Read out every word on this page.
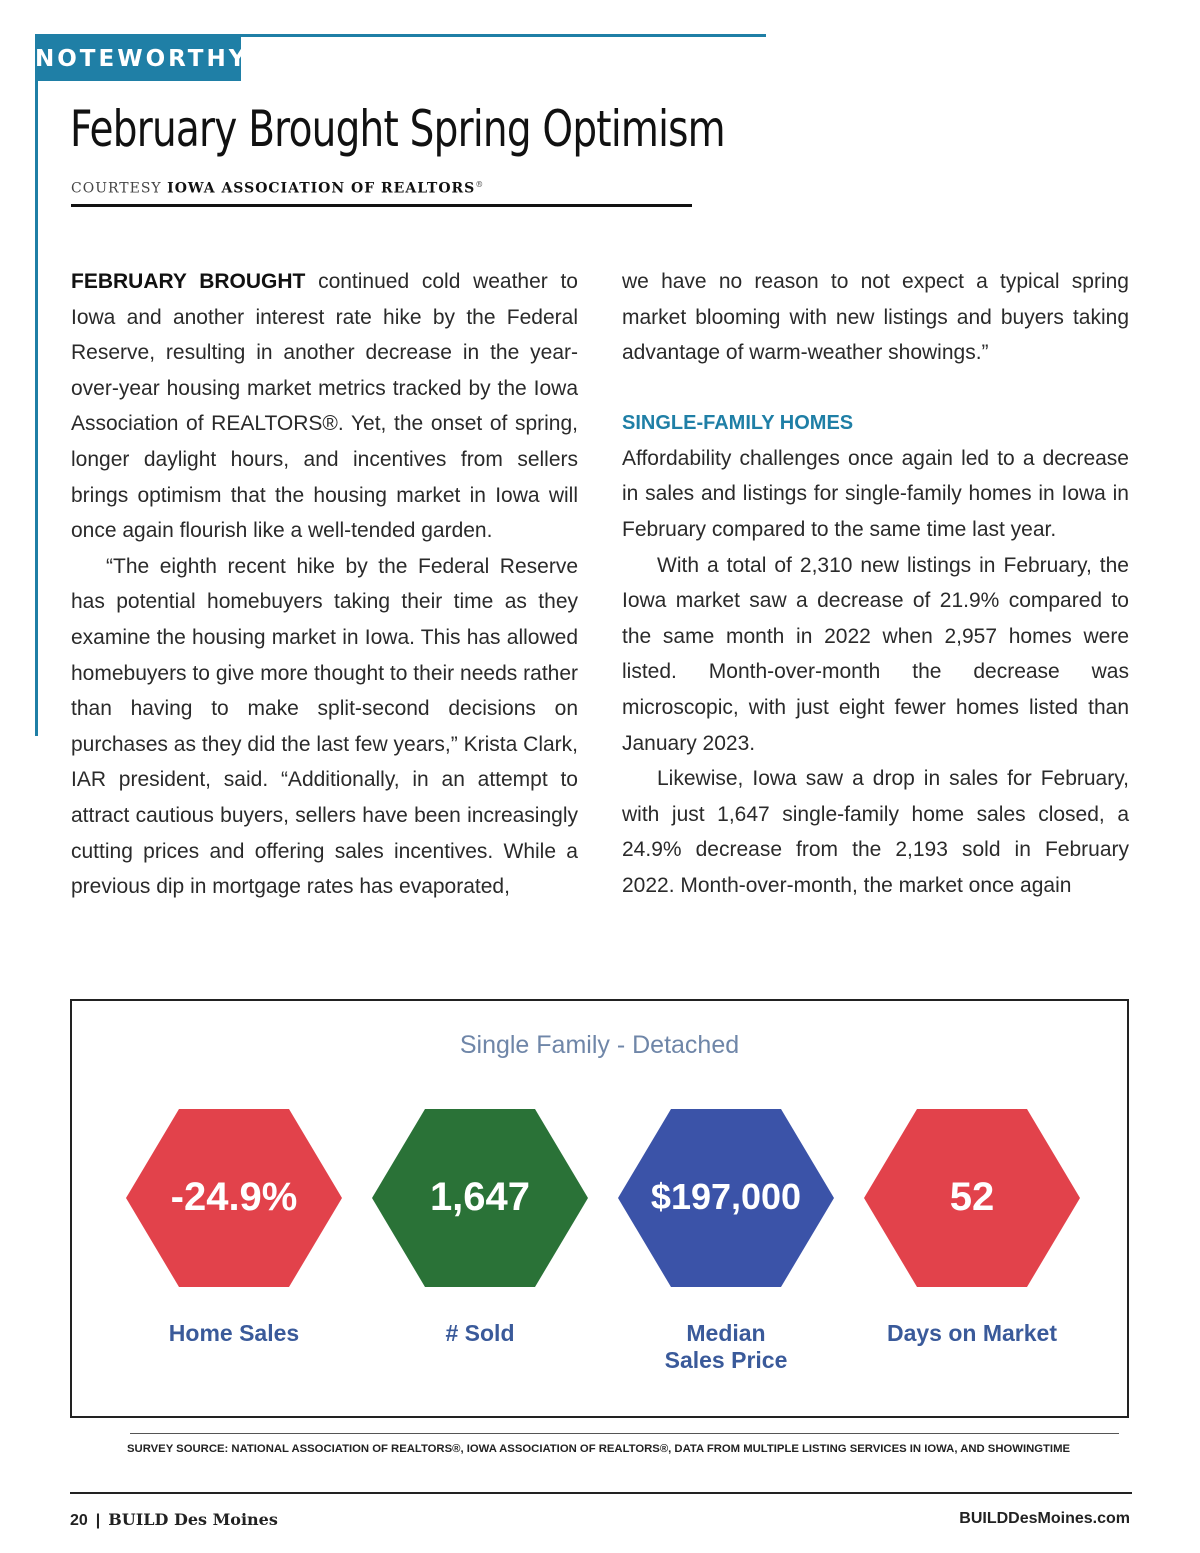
NOTEWORTHY
February Brought Spring Optimism
COURTESY IOWA ASSOCIATION OF REALTORS®

FEBRUARY BROUGHT continued cold weather to Iowa and another interest rate hike by the Federal Reserve, resulting in another decrease in the year-over-year housing market metrics tracked by the Iowa Association of REALTORS®. Yet, the onset of spring, longer daylight hours, and incentives from sellers brings optimism that the housing market in Iowa will once again flourish like a well-tended garden.

“The eighth recent hike by the Federal Reserve has potential homebuyers taking their time as they examine the housing market in Iowa. This has allowed homebuyers to give more thought to their needs rather than having to make split-second decisions on purchases as they did the last few years,” Krista Clark, IAR president, said. “Additionally, in an attempt to attract cautious buyers, sellers have been increasingly cutting prices and offering sales incentives. While a previous dip in mortgage rates has evaporated,

we have no reason to not expect a typical spring market blooming with new listings and buyers taking advantage of warm-weather showings.”

SINGLE-FAMILY HOMES

Affordability challenges once again led to a decrease in sales and listings for single-family homes in Iowa in February compared to the same time last year.

With a total of 2,310 new listings in February, the Iowa market saw a decrease of 21.9% compared to the same month in 2022 when 2,957 homes were listed. Month-over-month the decrease was microscopic, with just eight fewer homes listed than January 2023.

Likewise, Iowa saw a drop in sales for February, with just 1,647 single-family home sales closed, a 24.9% decrease from the 2,193 sold in February 2022. Month-over-month, the market once again

Single Family - Detached
-24.9%
Home Sales
1,647
# Sold
$197,000
Median Sales Price
52
Days on Market
SURVEY SOURCE: NATIONAL ASSOCIATION OF REALTORS®, IOWA ASSOCIATION OF REALTORS®, DATA FROM MULTIPLE LISTING SERVICES IN IOWA, AND SHOWINGTIME
20 | BUILD Des Moines	BUILDDesMoines.com
